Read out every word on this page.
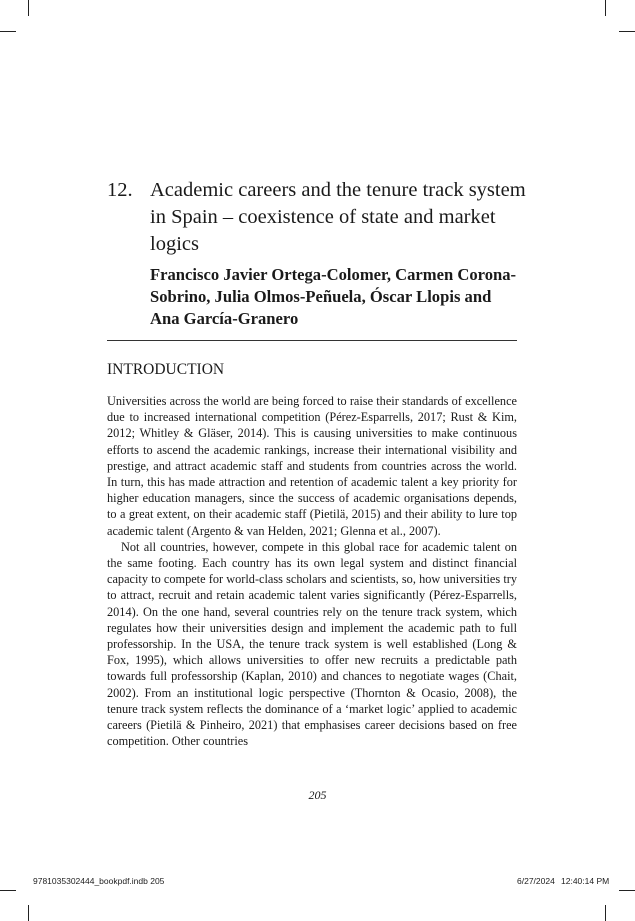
12. Academic careers and the tenure track system in Spain – coexistence of state and market logics

Francisco Javier Ortega-Colomer, Carmen Corona-Sobrino, Julia Olmos-Peñuela, Óscar Llopis and Ana García-Granero

INTRODUCTION

Universities across the world are being forced to raise their standards of excellence due to increased international competition (Pérez-Esparrells, 2017; Rust & Kim, 2012; Whitley & Gläser, 2014). This is causing universities to make continuous efforts to ascend the academic rankings, increase their international visibility and prestige, and attract academic staff and students from countries across the world. In turn, this has made attraction and retention of academic talent a key priority for higher education managers, since the success of academic organisations depends, to a great extent, on their academic staff (Pietilä, 2015) and their ability to lure top academic talent (Argento & van Helden, 2021; Glenna et al., 2007).

Not all countries, however, compete in this global race for academic talent on the same footing. Each country has its own legal system and distinct financial capacity to compete for world-class scholars and scientists, so, how universities try to attract, recruit and retain academic talent varies significantly (Pérez-Esparrells, 2014). On the one hand, several countries rely on the tenure track system, which regulates how their universities design and implement the academic path to full professorship. In the USA, the tenure track system is well established (Long & Fox, 1995), which allows universities to offer new recruits a predictable path towards full professorship (Kaplan, 2010) and chances to negotiate wages (Chait, 2002). From an institutional logic perspective (Thornton & Ocasio, 2008), the tenure track system reflects the dominance of a ‘market logic’ applied to academic careers (Pietilä & Pinheiro, 2021) that emphasises career decisions based on free competition. Other countries

205
9781035302444_bookpdf.indb 205	6/27/2024 12:40:14 PM
